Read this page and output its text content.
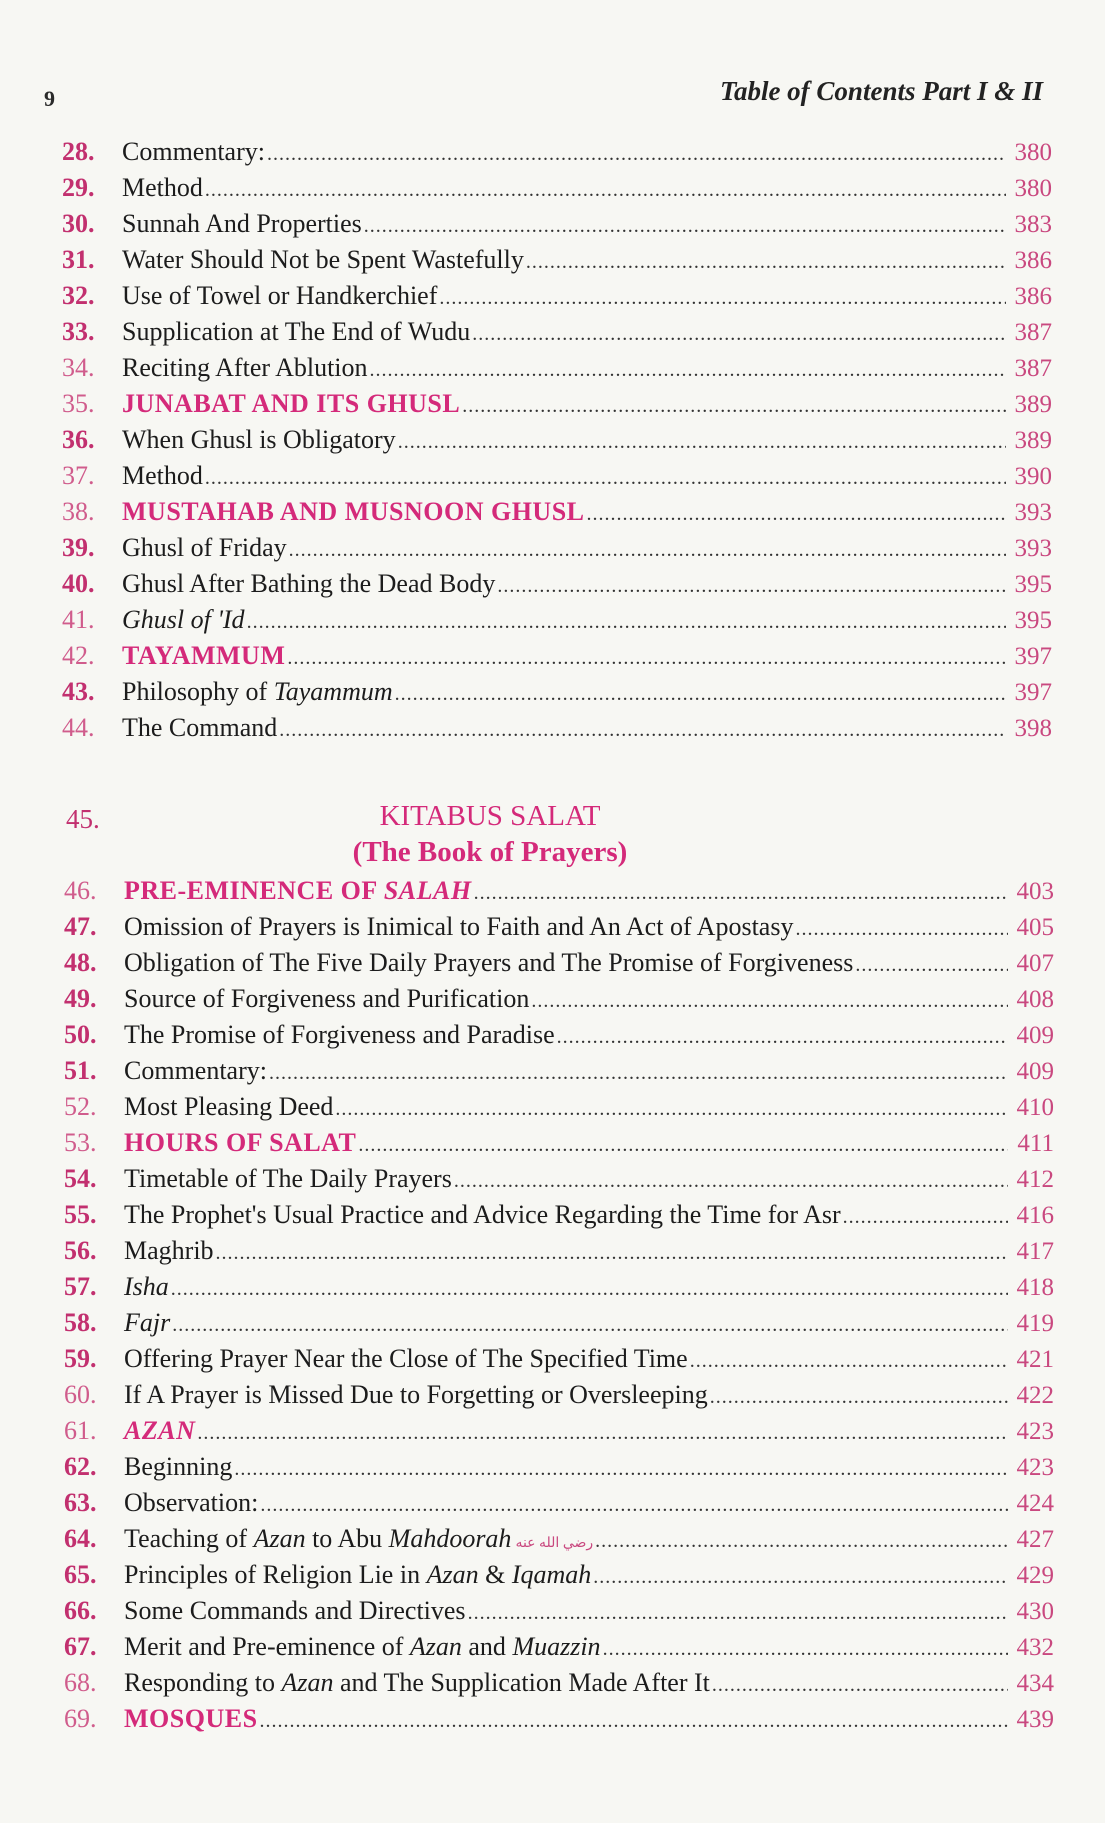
9	Table of Contents Part I & II
28.	Commentary: .....	380
29.	Method .....	380
30.	Sunnah And Properties .....	383
31.	Water Should Not be Spent Wastefully .....	386
32.	Use of Towel or Handkerchief .....	386
33.	Supplication at The End of Wudu .....	387
34.	Reciting After Ablution .....	387
35.	JUNABAT AND ITS GHUSL .....	389
36.	When Ghusl is Obligatory .....	389
37.	Method .....	390
38.	MUSTAHAB AND MUSNOON GHUSL .....	393
39.	Ghusl of Friday .....	393
40.	Ghusl After Bathing the Dead Body .....	395
41.	Ghusl of 'Id .....	395
42.	TAYAMMUM .....	397
43.	Philosophy of Tayammum .....	397
44.	The Command .....	398
45.	KITABUS SALAT
(The Book of Prayers)
46.	PRE-EMINENCE OF SALAH .....	403
47.	Omission of Prayers is Inimical to Faith and An Act of Apostasy .....	405
48.	Obligation of The Five Daily Prayers and The Promise of Forgiveness .....	407
49.	Source of Forgiveness and Purification .....	408
50.	The Promise of Forgiveness and Paradise .....	409
51.	Commentary: .....	409
52.	Most Pleasing Deed .....	410
53.	HOURS OF SALAT .....	411
54.	Timetable of The Daily Prayers .....	412
55.	The Prophet's Usual Practice and Advice Regarding the Time for Asr .....	416
56.	Maghrib .....	417
57.	Isha .....	418
58.	Fajr .....	419
59.	Offering Prayer Near the Close of The Specified Time .....	421
60.	If A Prayer is Missed Due to Forgetting or Oversleeping .....	422
61.	AZAN .....	423
62.	Beginning .....	423
63.	Observation: .....	424
64.	Teaching of Azan to Abu Mahdoorah رضي الله عنه .....	427
65.	Principles of Religion Lie in Azan & Iqamah .....	429
66.	Some Commands and Directives .....	430
67.	Merit and Pre-eminence of Azan and Muazzin .....	432
68.	Responding to Azan and The Supplication Made After It .....	434
69.	MOSQUES .....	439
